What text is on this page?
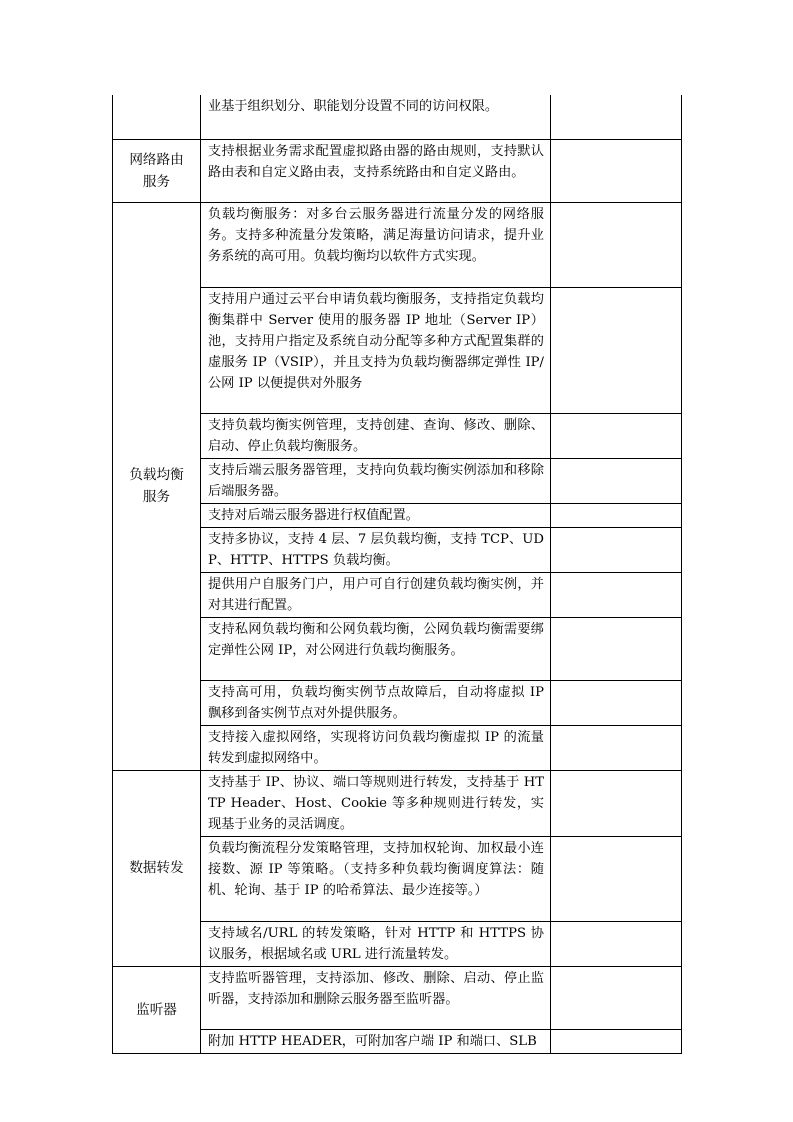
	业基于组织划分、职能划分设置不同的访问权限。	
网络路由服务	支持根据业务需求配置虚拟路由器的路由规则，支持默认路由表和自定义路由表，支持系统路由和自定义路由。	
负载均衡服务	负载均衡服务：对多台云服务器进行流量分发的网络服务。支持多种流量分发策略，满足海量访问请求，提升业务系统的高可用。负载均衡均以软件方式实现。	
	支持用户通过云平台申请负载均衡服务，支持指定负载均衡集群中 Server 使用的服务器 IP 地址（Server IP）池，支持用户指定及系统自动分配等多种方式配置集群的虚服务 IP（VSIP），并且支持为负载均衡器绑定弹性 IP/公网 IP 以便提供对外服务	
	支持负载均衡实例管理，支持创建、查询、修改、删除、启动、停止负载均衡服务。	
	支持后端云服务器管理，支持向负载均衡实例添加和移除后端服务器。	
	支持对后端云服务器进行权值配置。	
	支持多协议，支持 4 层、7 层负载均衡，支持 TCP、UDP、HTTP、HTTPS 负载均衡。	
	提供用户自服务门户，用户可自行创建负载均衡实例，并对其进行配置。	
	支持私网负载均衡和公网负载均衡，公网负载均衡需要绑定弹性公网 IP，对公网进行负载均衡服务。	
	支持高可用，负载均衡实例节点故障后，自动将虚拟 IP 飘移到备实例节点对外提供服务。	
	支持接入虚拟网络，实现将访问负载均衡虚拟 IP 的流量转发到虚拟网络中。	
数据转发	支持基于 IP、协议、端口等规则进行转发，支持基于 HTTP Header、Host、Cookie 等多种规则进行转发，实现基于业务的灵活调度。	
	负载均衡流程分发策略管理，支持加权轮询、加权最小连接数、源 IP 等策略。（支持多种负载均衡调度算法：随机、轮询、基于 IP 的哈希算法、最少连接等。）	
	支持域名/URL 的转发策略，针对 HTTP 和 HTTPS 协议服务，根据域名或 URL 进行流量转发。	
监听器	支持监听器管理，支持添加、修改、删除、启动、停止监听器，支持添加和删除云服务器至监听器。	
	附加 HTTP HEADER，可附加客户端 IP 和端口、SLB	
